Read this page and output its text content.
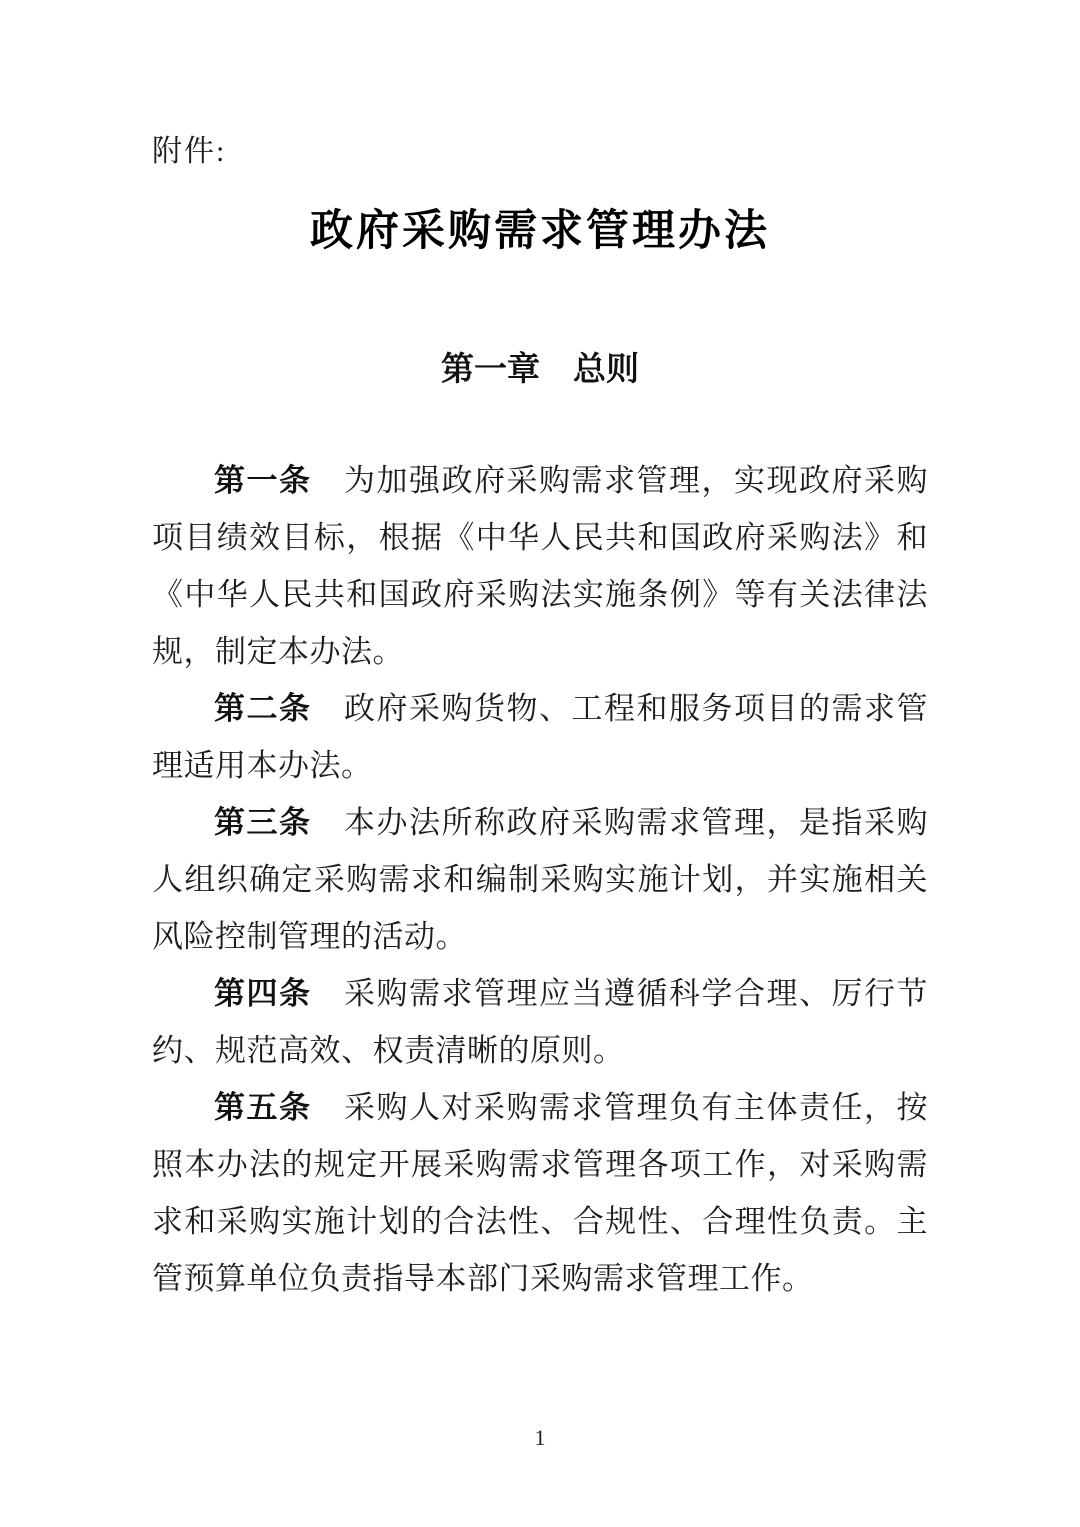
附件:
政府采购需求管理办法
第一章 总则

第一条 为加强政府采购需求管理，实现政府采购项目绩效目标，根据《中华人民共和国政府采购法》和《中华人民共和国政府采购法实施条例》等有关法律法规，制定本办法。

第二条 政府采购货物、工程和服务项目的需求管理适用本办法。

第三条 本办法所称政府采购需求管理，是指采购人组织确定采购需求和编制采购实施计划，并实施相关风险控制管理的活动。

第四条 采购需求管理应当遵循科学合理、厉行节约、规范高效、权责清晰的原则。

第五条 采购人对采购需求管理负有主体责任，按照本办法的规定开展采购需求管理各项工作，对采购需求和采购实施计划的合法性、合规性、合理性负责。主管预算单位负责指导本部门采购需求管理工作。

1
